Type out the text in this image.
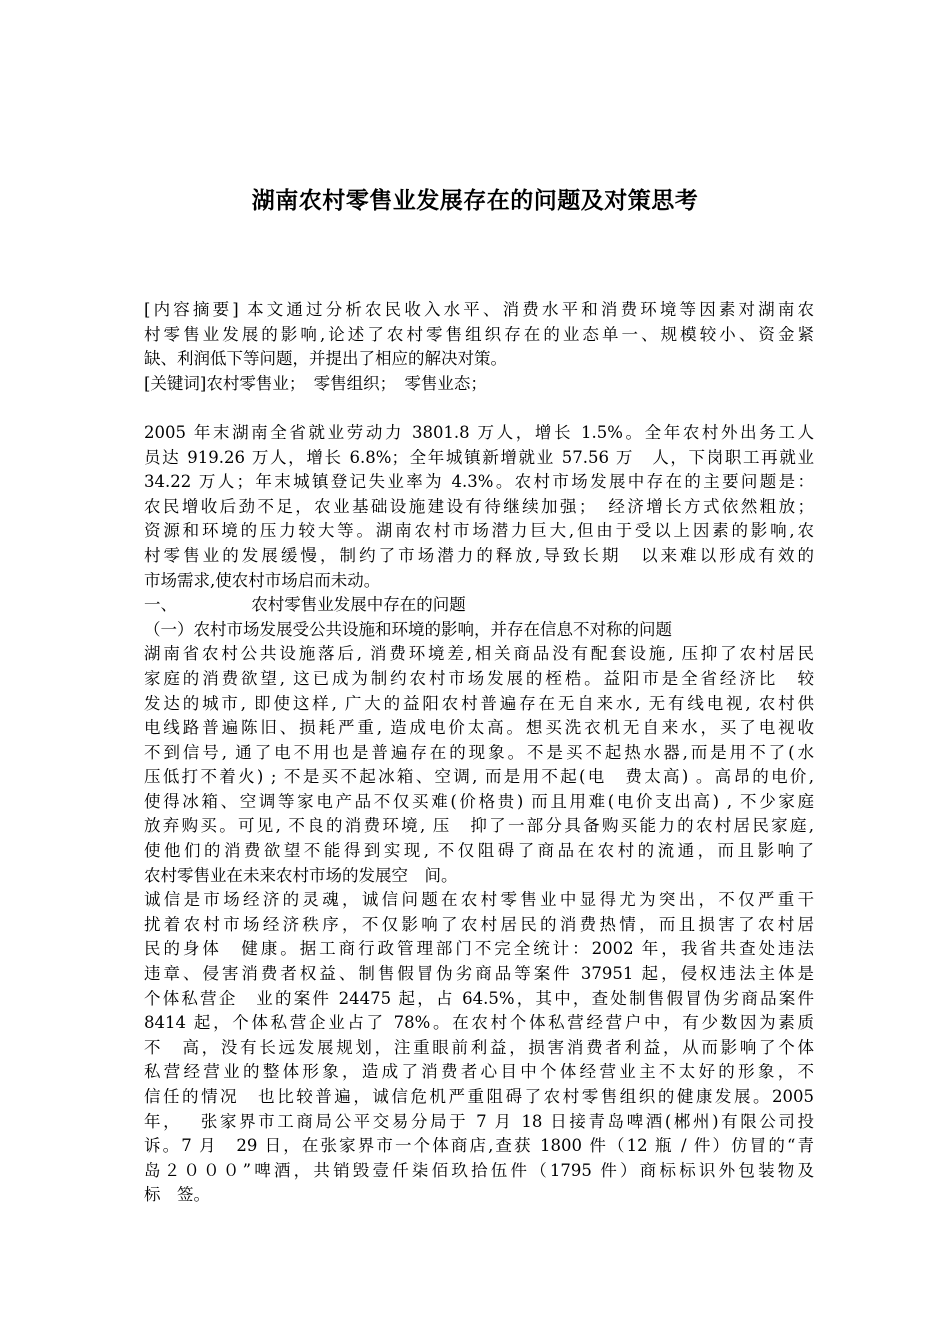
湖南农村零售业发展存在的问题及对策思考
[内容摘要] 本文通过分析农民收入水平、消费水平和消费环境等因素对湖南农
村零售业发展的影响,论述了农村零售组织存在的业态单一、规模较小、资金紧
缺、利润低下等问题，并提出了相应的解决对策。
[关键词]农村零售业；　零售组织；　零售业态；
2005 年末湖南全省就业劳动力 3801.8 万人，增长 1.5%。全年农村外出务工人
员达 919.26 万人，增长 6.8%；全年城镇新增就业 57.56 万　人，下岗职工再就业
34.22 万人；年末城镇登记失业率为 4.3%。农村市场发展中存在的主要问题是：
农民增收后劲不足，农业基础设施建设有待继续加强；　经济增长方式依然粗放；
资源和环境的压力较大等。湖南农村市场潜力巨大,但由于受以上因素的影响,农
村零售业的发展缓慢，制约了市场潜力的释放,导致长期　以来难以形成有效的
市场需求,使农村市场启而未动。
一、　　　　　农村零售业发展中存在的问题
（一）农村市场发展受公共设施和环境的影响，并存在信息不对称的问题
湖南省农村公共设施落后, 消费环境差,相关商品没有配套设施, 压抑了农村居民
家庭的消费欲望, 这已成为制约农村市场发展的桎梏。益阳市是全省经济比　较
发达的城市, 即使这样, 广大的益阳农村普遍存在无自来水, 无有线电视, 农村供
电线路普遍陈旧、损耗严重, 造成电价太高。想买洗衣机无自来水，买了电视收
不到信号, 通了电不用也是普遍存在的现象。不是买不起热水器,而是用不了(水
压低打不着火) ; 不是买不起冰箱、空调, 而是用不起(电　费太高) 。高昂的电价,
使得冰箱、空调等家电产品不仅买难(价格贵) 而且用难(电价支出高) , 不少家庭
放弃购买。可见, 不良的消费环境, 压　抑了一部分具备购买能力的农村居民家庭,
使他们的消费欲望不能得到实现, 不仅阻碍了商品在农村的流通，而且影响了
农村零售业在未来农村市场的发展空　间。
诚信是市场经济的灵魂，诚信问题在农村零售业中显得尤为突出，不仅严重干
扰着农村市场经济秩序，不仅影响了农村居民的消费热情，而且损害了农村居
民的身体　健康。据工商行政管理部门不完全统计：2002 年，我省共查处违法
违章、侵害消费者权益、制售假冒伪劣商品等案件 37951 起，侵权违法主体是
个体私营企　业的案件 24475 起，占 64.5%，其中，查处制售假冒伪劣商品案件
8414 起，个体私营企业占了 78%。在农村个体私营经营户中，有少数因为素质
不　高，没有长远发展规划，注重眼前利益，损害消费者利益，从而影响了个体
私营经营业的整体形象，造成了消费者心目中个体经营业主不太好的形象，不
信任的情况　也比较普遍，诚信危机严重阻碍了农村零售组织的健康发展。2005
年，　 张家界市工商局公平交易分局于 7 月 18 日接青岛啤酒(郴州)有限公司投
诉。7 月　29 日，在张家界市一个体商店,查获 1800 件（12 瓶 / 件）仿冒的“青
岛２０００”啤酒，共销毁壹仟柒佰玖拾伍件（1795 件）商标标识外包装物及
标　签。
